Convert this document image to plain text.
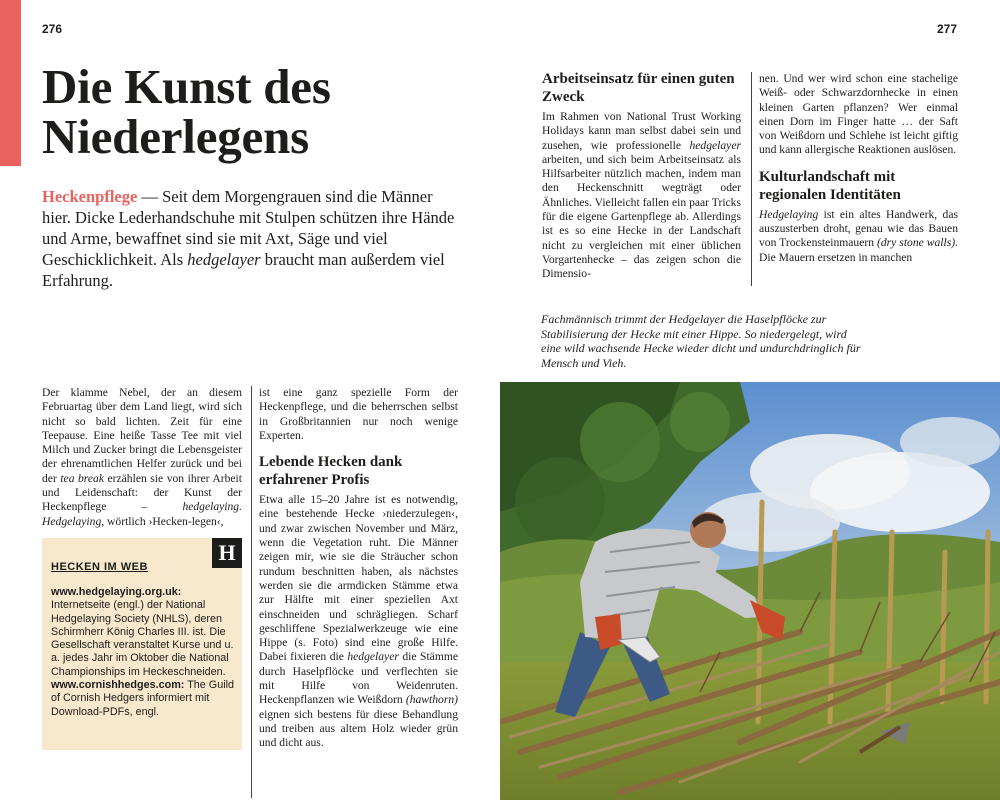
276	277
Die Kunst des
Niederlegens
Heckenpflege — Seit dem Morgengrauen sind die Männer hier. Dicke Lederhandschuhe mit Stulpen schützen ihre Hände und Arme, bewaffnet sind sie mit Axt, Säge und viel Geschicklichkeit. Als hedgelayer braucht man außerdem viel Erfahrung.

Der klamme Nebel, der an diesem Februartag über dem Land liegt, wird sich nicht so bald lichten. Zeit für eine Teepause. Eine heiße Tasse Tee mit viel Milch und Zucker bringt die Lebensgeister der ehrenamtlichen Helfer zurück und bei der tea break erzählen sie von ihrer Arbeit und Leidenschaft: der Kunst der Heckenpflege – hedgelaying. Hedgelaying, wörtlich ›Hecken-legen‹,

H
HECKEN IM WEB

www.hedgelaying.org.uk:

Internetseite (engl.) der National Hedgelaying Society (NHLS), deren Schirmherr König Charles III. ist. Die Gesellschaft veranstaltet Kurse und u. a. jedes Jahr im Oktober die National Championships im Heckeschneiden.

www.cornishhedges.com: The Guild of Cornish Hedgers informiert mit Download-PDFs, engl.

ist eine ganz spezielle Form der Heckenpflege, und die beherrschen selbst in Großbritannien nur noch wenige Experten.

Lebende Hecken dank erfahrener Profis

Etwa alle 15–20 Jahre ist es notwendig, eine bestehende Hecke ›niederzulegen‹, und zwar zwischen November und März, wenn die Vegetation ruht. Die Männer zeigen mir, wie sie die Sträucher schon rundum beschnitten haben, als nächstes werden sie die armdicken Stämme etwa zur Hälfte mit einer speziellen Axt einschneiden und schrägliegen. Scharf geschliffene Spezialwerkzeuge wie eine Hippe (s. Foto) sind eine große Hilfe. Dabei fixieren die hedgelayer die Stämme durch Haselpflöcke und verflechten sie mit Hilfe von Weidenruten. Heckenpflanzen wie Weißdorn (hawthorn) eignen sich bestens für diese Behandlung und treiben aus altem Holz wieder grün und dicht aus.

Arbeitseinsatz für einen guten Zweck

Im Rahmen von National Trust Working Holidays kann man selbst dabei sein und zusehen, wie professionelle hedgelayer arbeiten, und sich beim Arbeitseinsatz als Hilfsarbeiter nützlich machen, indem man den Heckenschnitt wegträgt oder Ähnliches. Vielleicht fallen ein paar Tricks für die eigene Gartenpflege ab. Allerdings ist es so eine Hecke in der Landschaft nicht zu vergleichen mit einer üblichen Vorgartenhecke – das zeigen schon die Dimensio-

nen. Und wer wird schon eine stachelige Weiß- oder Schwarzdornhecke in einen kleinen Garten pflanzen? Wer einmal einen Dorn im Finger hatte … der Saft von Weißdorn und Schlehe ist leicht giftig und kann allergische Reaktionen auslösen.

Kulturlandschaft mit regionalen Identitäten

Hedgelaying ist ein altes Handwerk, das auszusterben droht, genau wie das Bauen von Trockensteinmauern (dry stone walls). Die Mauern ersetzen in manchen

Fachmännisch trimmt der Hedgelayer die Haselpflöcke zur Stabilisierung der Hecke mit einer Hippe. So niedergelegt, wird eine wild wachsende Hecke wieder dicht und undurchdringlich für Mensch und Vieh.
